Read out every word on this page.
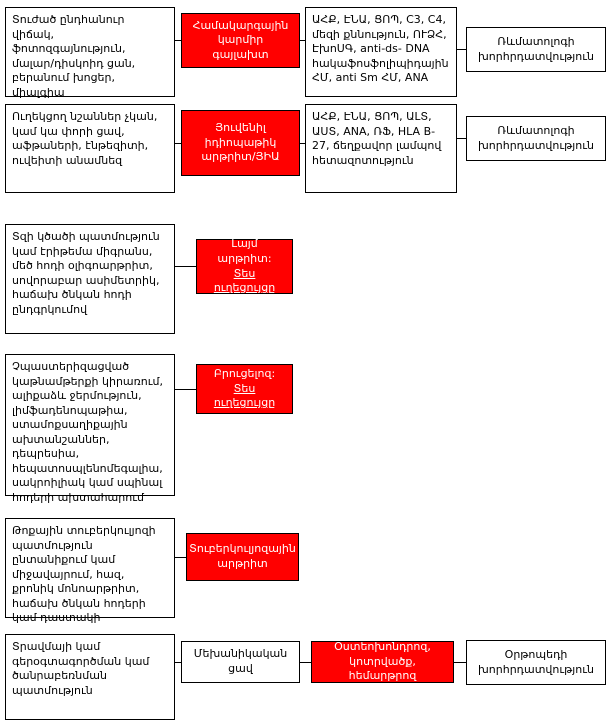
Տուժած ընդհանուր վիճակ, ֆոտոզգայնություն, մալար/դիսկոիդ ցան, բերանում խոցեր, միալգիա
Համակարգային կարմիր գայլախտ
ԱՀՔ, ԷՆԱ, ՑՈՊ, C3, C4, մեզի քննություն, ՈՒՁՀ, ԷխոՍԳ, anti-ds- DNA հակաֆոսֆոլիպիդային ՀՄ, anti Sm ՀՄ, ANA
Ռևմատոլոգի խորհրդատվություն
Ուղեկցող նշաններ չկան, կամ կա փորի ցավ, աֆթաների, էնթեզիտի, ուվեիտի անամնեզ
Յուվենիլ իդիոպաթիկ արթրիտ/ՅԻԱ
ԱՀՔ, ԷՆԱ, ՑՈՊ, ԱԼՏ, ԱՍՏ, ANA, ՌՖ, HLA B-27, ճեղքավոր լամպով հետազոտություն
Ռևմատոլոգի խորհրդատվություն
Տզի կծածի պատմություն կամ էրիթեմա միգրանս, մեծ հոդի օլիգոարթրիտ, սովորաբար ասիմետրիկ, հաճախ ծնկան հոդի ընդգրկումով
Լայմ արթրիտ:
Տես ուղեցույցը
Չպաստերիզացված կաթնամթերքի կիրառում, ալիքաձև ջերմություն, լիմֆադենոպաթիա, ստամոքսաղիքային ախտանշաններ, դեպրեսիա, հեպատոսպլենոմեգալիա, սակրոիլիակ կամ սպինալ հոդերի ախտահարում
Բրուցելոզ:
Տես ուղեցույցը
Թոքային տուբերկուլյոզի պատմություն ընտանիքում կամ միջավայրում, հազ, քրոնիկ մոնոարթրիտ, հաճախ ծնկան հոդերի կամ դաստակի
Տուբերկուլյոզային արթրիտ
Տրավմայի կամ գերօգտագործման կամ ծանրաբեռնման պատմություն
Մեխանիկական ցավ
Օստեոխոնդրոզ, կոտրվածք, հեմարթրոզ
Օրթոպեդի խորհրդատվություն
